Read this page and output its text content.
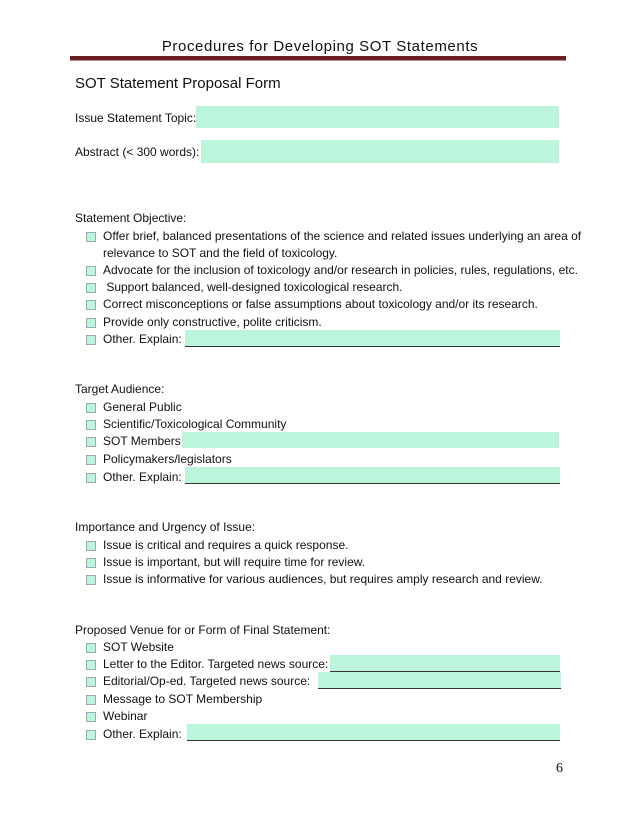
Procedures for Developing SOT Statements
SOT Statement Proposal Form
Issue Statement Topic:
Abstract (< 300 words):
Statement Objective:
Offer brief, balanced presentations of the science and related issues underlying an area of
relevance to SOT and the field of toxicology.
Advocate for the inclusion of toxicology and/or research in policies, rules, regulations, etc.
Support balanced, well-designed toxicological research.
Correct misconceptions or false assumptions about toxicology and/or its research.
Provide only constructive, polite criticism.
Other. Explain:
Target Audience:
General Public
Scientific/Toxicological Community
SOT Members
Policymakers/legislators
Other. Explain:
Importance and Urgency of Issue:
Issue is critical and requires a quick response.
Issue is important, but will require time for review.
Issue is informative for various audiences, but requires amply research and review.
Proposed Venue for or Form of Final Statement:
SOT Website
Letter to the Editor. Targeted news source:
Editorial/Op-ed. Targeted news source:
Message to SOT Membership
Webinar
Other. Explain:
6
